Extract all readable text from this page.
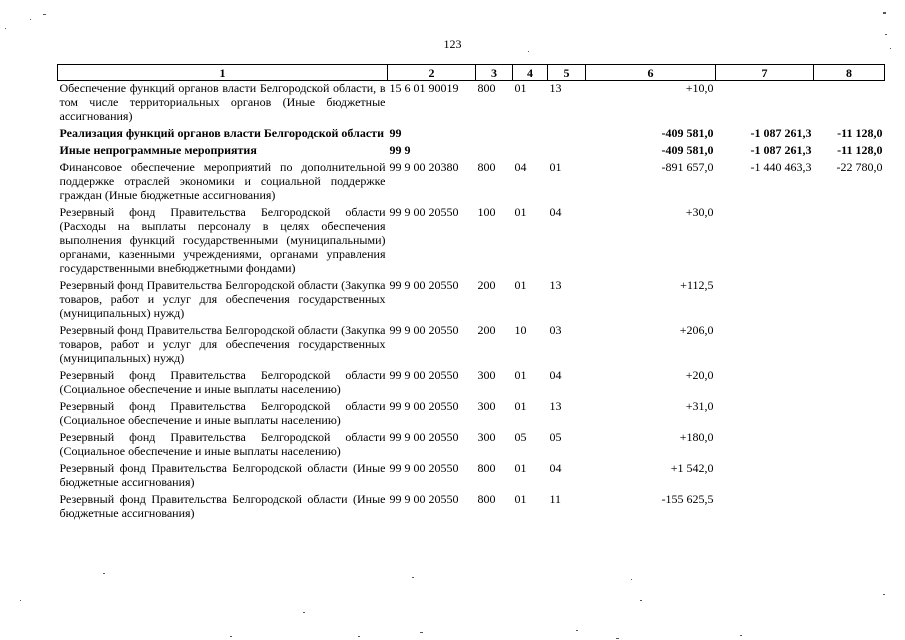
123
1	2	3	4	5	6	7	8
Обеспечение функций органов власти Белгородской области, в том числе территориальных органов (Иные бюджетные ассигнования)	15 6 01 90019	800	01	13	+10,0		
Реализация функций органов власти Белгородской области	99				-409 581,0	-1 087 261,3	-11 128,0
Иные непрограммные мероприятия	99 9				-409 581,0	-1 087 261,3	-11 128,0
Финансовое обеспечение мероприятий по дополнительной поддержке отраслей экономики и социальной поддержке граждан (Иные бюджетные ассигнования)	99 9 00 20380	800	04	01	-891 657,0	-1 440 463,3	-22 780,0
Резервный фонд Правительства Белгородской области (Расходы на выплаты персоналу в целях обеспечения выполнения функций государственными (муниципальными) органами, казенными учреждениями, органами управления государственными внебюджетными фондами)	99 9 00 20550	100	01	04	+30,0		
Резервный фонд Правительства Белгородской области (Закупка товаров, работ и услуг для обеспечения государственных (муниципальных) нужд)	99 9 00 20550	200	01	13	+112,5		
Резервный фонд Правительства Белгородской области (Закупка товаров, работ и услуг для обеспечения государственных (муниципальных) нужд)	99 9 00 20550	200	10	03	+206,0		
Резервный фонд Правительства Белгородской области (Социальное обеспечение и иные выплаты населению)	99 9 00 20550	300	01	04	+20,0		
Резервный фонд Правительства Белгородской области (Социальное обеспечение и иные выплаты населению)	99 9 00 20550	300	01	13	+31,0		
Резервный фонд Правительства Белгородской области (Социальное обеспечение и иные выплаты населению)	99 9 00 20550	300	05	05	+180,0		
Резервный фонд Правительства Белгородской области (Иные бюджетные ассигнования)	99 9 00 20550	800	01	04	+1 542,0		
Резервный фонд Правительства Белгородской области (Иные бюджетные ассигнования)	99 9 00 20550	800	01	11	-155 625,5		
